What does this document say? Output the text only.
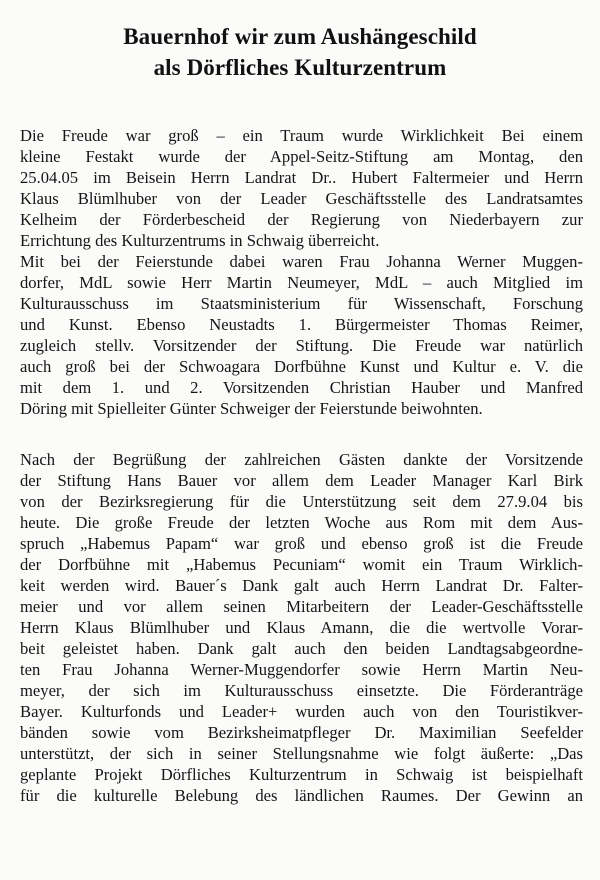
Bauernhof wir zum Aushängeschild
als Dörfliches Kulturzentrum
Die Freude war groß – ein Traum wurde Wirklichkeit Bei einem
kleine Festakt wurde der Appel-Seitz-Stiftung am Montag, den
25.04.05 im Beisein Herrn Landrat Dr.. Hubert Faltermeier und Herrn
Klaus Blümlhuber von der Leader Geschäftsstelle des Landratsamtes
Kelheim der Förderbescheid der Regierung von Niederbayern zur
Errichtung des Kulturzentrums in Schwaig überreicht.
Mit bei der Feierstunde dabei waren Frau Johanna Werner Muggen-
dorfer, MdL sowie Herr Martin Neumeyer, MdL – auch Mitglied im
Kulturausschuss im Staatsministerium für Wissenschaft, Forschung
und Kunst. Ebenso Neustadts 1. Bürgermeister Thomas Reimer,
zugleich stellv. Vorsitzender der Stiftung. Die Freude war natürlich
auch groß bei der Schwoagara Dorfbühne Kunst und Kultur e. V. die
mit dem 1. und 2. Vorsitzenden Christian Hauber und Manfred
Döring mit Spielleiter Günter Schweiger der Feierstunde beiwohnten.
Nach der Begrüßung der zahlreichen Gästen dankte der Vorsitzende
der Stiftung Hans Bauer vor allem dem Leader Manager Karl Birk
von der Bezirksregierung für die Unterstützung seit dem 27.9.04 bis
heute. Die große Freude der letzten Woche aus Rom mit dem Aus-
spruch „Habemus Papam“ war groß und ebenso groß ist die Freude
der Dorfbühne mit „Habemus Pecuniam“ womit ein Traum Wirklich-
keit werden wird. Bauer´s Dank galt auch Herrn Landrat Dr. Falter-
meier und vor allem seinen Mitarbeitern der Leader-Geschäftsstelle
Herrn Klaus Blümlhuber und Klaus Amann, die die wertvolle Vorar-
beit geleistet haben. Dank galt auch den beiden Landtagsabgeordne-
ten Frau Johanna Werner-Muggendorfer sowie Herrn Martin Neu-
meyer, der sich im Kulturausschuss einsetzte. Die Förderanträge
Bayer. Kulturfonds und Leader+ wurden auch von den Touristikver-
bänden sowie vom Bezirksheimatpfleger Dr. Maximilian Seefelder
unterstützt, der sich in seiner Stellungsnahme wie folgt äußerte: „Das
geplante Projekt Dörfliches Kulturzentrum in Schwaig ist beispielhaft
für die kulturelle Belebung des ländlichen Raumes. Der Gewinn an
